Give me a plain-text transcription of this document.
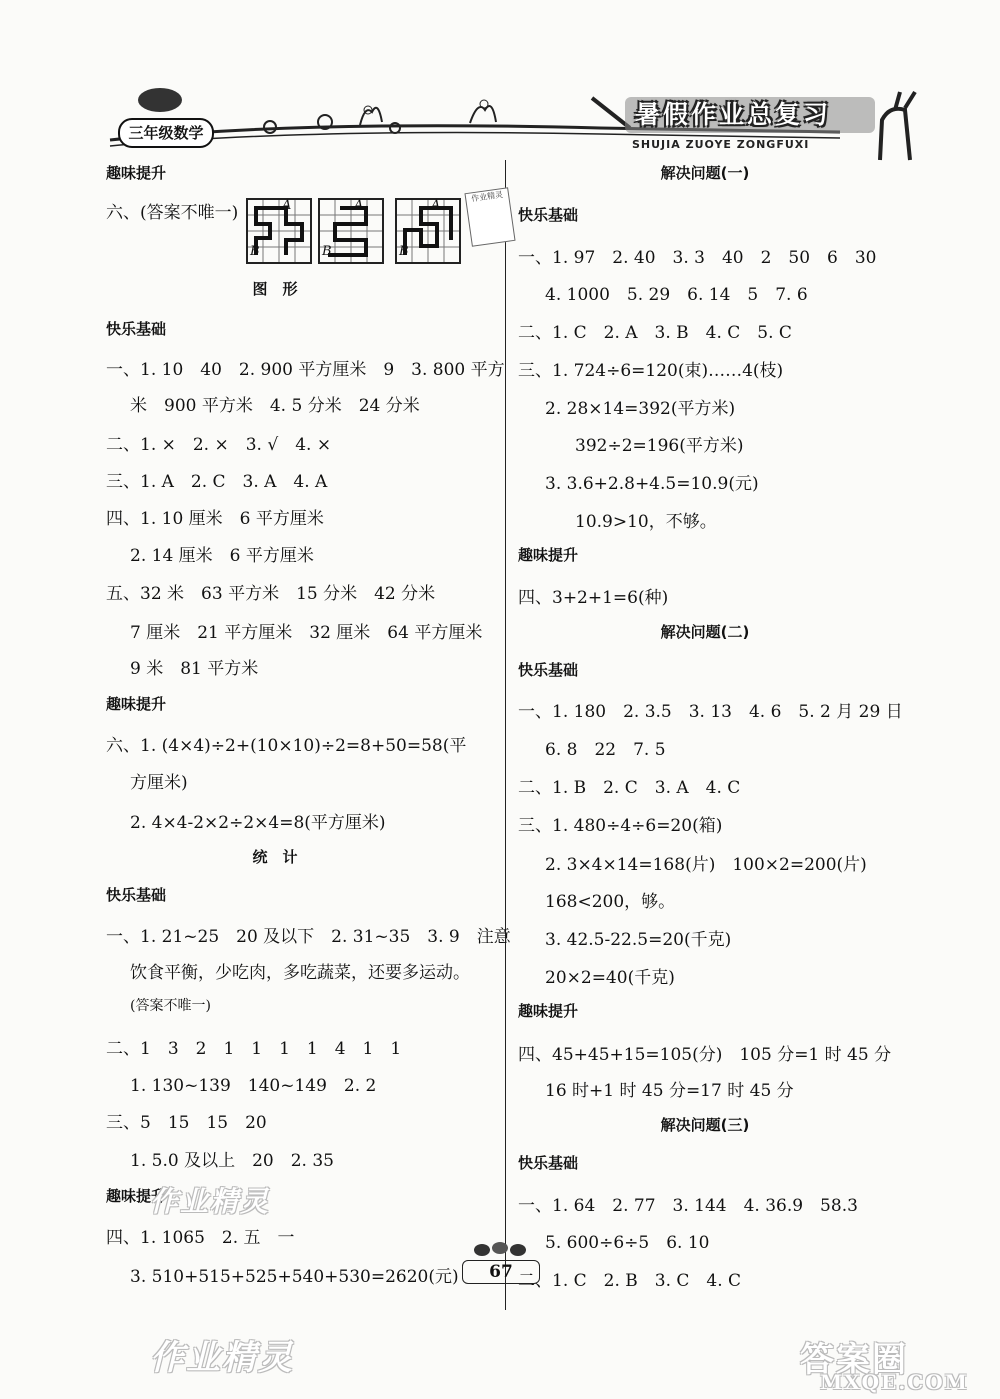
三年级数学
暑假作业总复习
SHUJIA ZUOYE ZONGFUXI
趣味提升
六、(答案不唯一)	A
B
A
B
A
B
作业精灵
图　形
快乐基础
一、1. 10　40　2. 900 平方厘米　9　3. 800 平方
米　900 平方米　4. 5 分米　24 分米
二、1. ×　2. ×　3. √　4. ×
三、1. A　2. C　3. A　4. A
四、1. 10 厘米　6 平方厘米
2. 14 厘米　6 平方厘米
五、32 米　63 平方米　15 分米　42 分米
7 厘米　21 平方厘米　32 厘米　64 平方厘米
9 米　81 平方米
趣味提升
六、1. (4×4)÷2+(10×10)÷2=8+50=58(平
方厘米)
2. 4×4-2×2÷2×4=8(平方厘米)
统　计
快乐基础
一、1. 21~25　20 及以下　2. 31~35　3. 9　注意
饮食平衡，少吃肉，多吃蔬菜，还要多运动。
(答案不唯一)
二、1　3　2　1　1　1　1　4　1　1
1. 130~139　140~149　2. 2
三、5　15　15　20
1. 5.0 及以上　20　2. 35
趣味提升
四、1. 1065　2. 五　一
3. 510+515+525+540+530=2620(元)
作业精灵
作业精灵
解决问题(一)
快乐基础
一、1. 97　2. 40　3. 3　40　2　50　6　30
4. 1000　5. 29　6. 14　5　7. 6
二、1. C　2. A　3. B　4. C　5. C
三、1. 724÷6=120(束)……4(枝)
2. 28×14=392(平方米)
392÷2=196(平方米)
3. 3.6+2.8+4.5=10.9(元)
10.9>10，不够。
趣味提升
四、3+2+1=6(种)
解决问题(二)
快乐基础
一、1. 180　2. 3.5　3. 13　4. 6　5. 2 月 29 日
6. 8　22　7. 5
二、1. B　2. C　3. A　4. C
三、1. 480÷4÷6=20(箱)
2. 3×4×14=168(片)　100×2=200(片)
168<200，够。
3. 42.5-22.5=20(千克)
20×2=40(千克)
趣味提升
四、45+45+15=105(分)　105 分=1 时 45 分
16 时+1 时 45 分=17 时 45 分
解决问题(三)
快乐基础
一、1. 64　2. 77　3. 144　4. 36.9　58.3
5. 600÷6÷5　6. 10
二、1. C　2. B　3. C　4. C
67
答案圈
MXQE.COM
